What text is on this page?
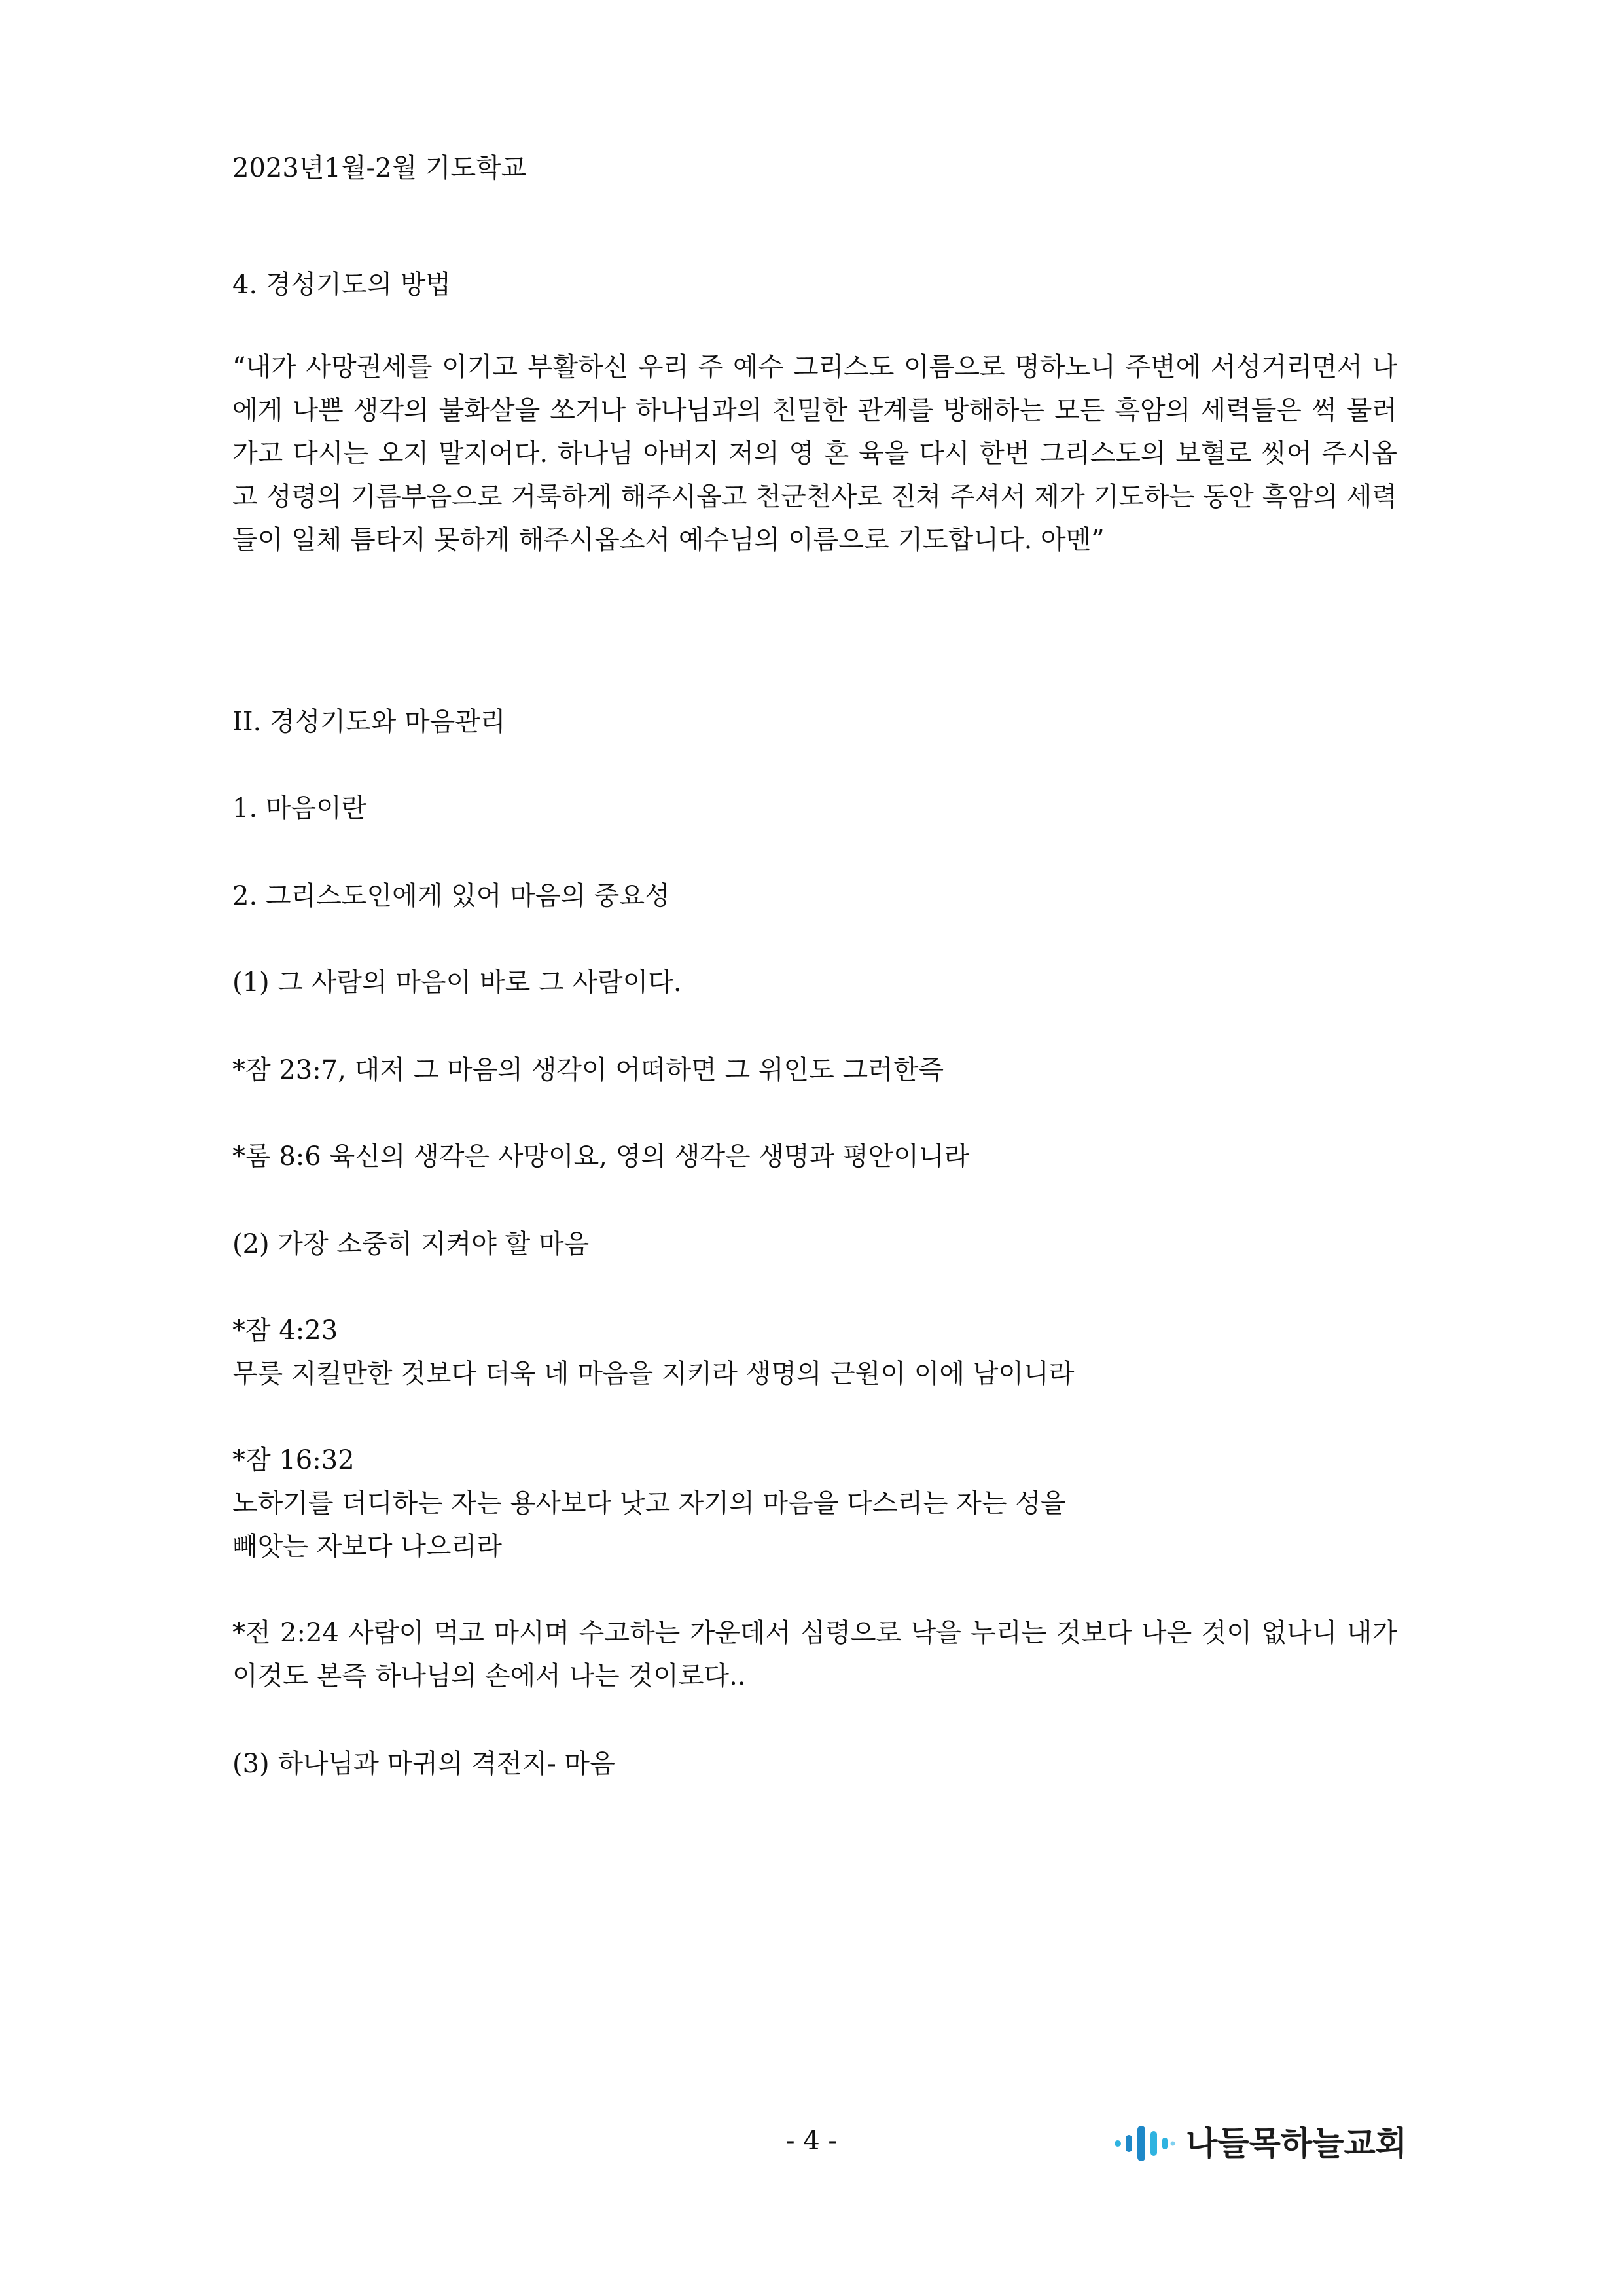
2023년1월-2월 기도학교

4. 경성기도의 방법

“내가 사망권세를 이기고 부활하신 우리 주 예수 그리스도 이름으로 명하노니 주변에 서성거리면서 나에게 나쁜 생각의 불화살을 쏘거나 하나님과의 친밀한 관계를 방해하는 모든 흑암의 세력들은 썩 물러가고 다시는 오지 말지어다. 하나님 아버지 저의 영 혼 육을 다시 한번 그리스도의 보혈로 씻어 주시옵고 성령의 기름부음으로 거룩하게 해주시옵고 천군천사로 진쳐 주셔서 제가 기도하는 동안 흑암의 세력들이 일체 틈타지 못하게 해주시옵소서 예수님의 이름으로 기도합니다. 아멘”

II. 경성기도와 마음관리

1. 마음이란

2. 그리스도인에게 있어 마음의 중요성

(1) 그 사람의 마음이 바로 그 사람이다.

*잠 23:7, 대저 그 마음의 생각이 어떠하면 그 위인도 그러한즉

*롬 8:6 육신의 생각은 사망이요, 영의 생각은 생명과 평안이니라

(2) 가장 소중히 지켜야 할 마음

*잠 4:23

무릇 지킬만한 것보다 더욱 네 마음을 지키라 생명의 근원이 이에 남이니라

*잠 16:32

노하기를 더디하는 자는 용사보다 낫고 자기의 마음을 다스리는 자는 성을

빼앗는 자보다 나으리라

*전 2:24 사람이 먹고 마시며 수고하는 가운데서 심령으로 낙을 누리는 것보다 나은 것이 없나니 내가 이것도 본즉 하나님의 손에서 나는 것이로다..

(3) 하나님과 마귀의 격전지- 마음

- 4 -	나들목하늘교회
